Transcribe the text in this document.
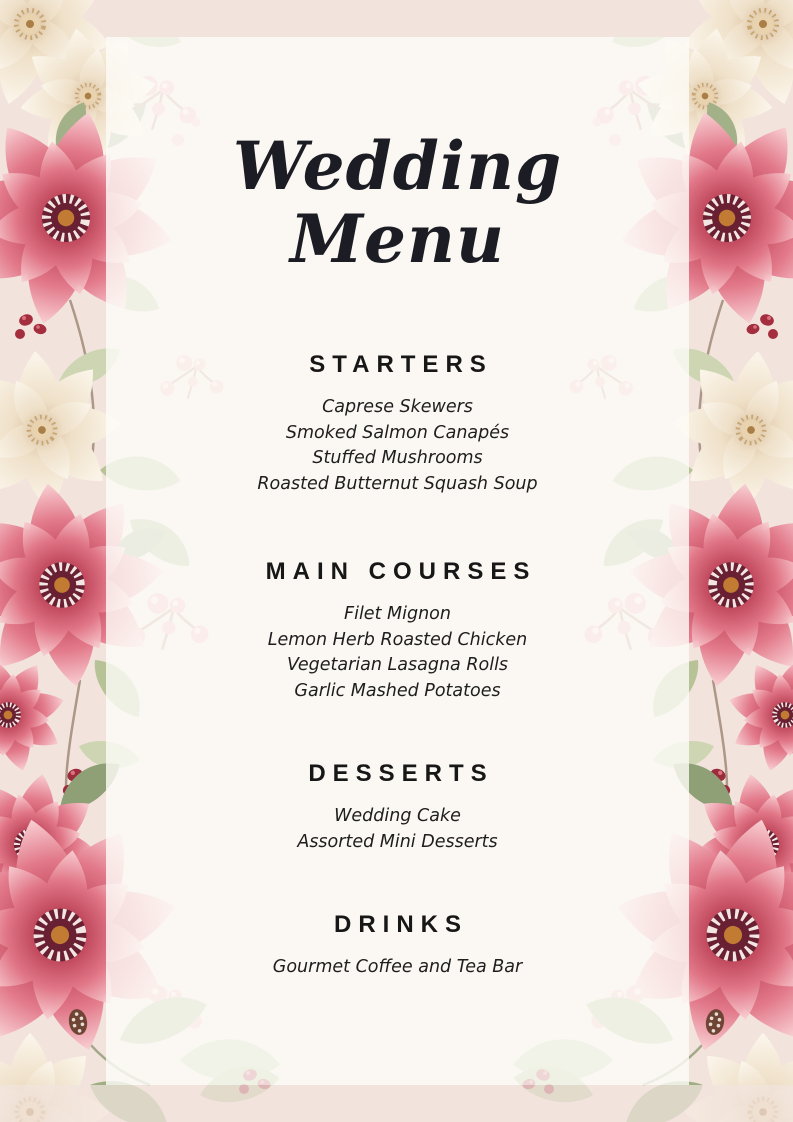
Wedding
Menu
STARTERS
Caprese Skewers
Smoked Salmon Canapés
Stuffed Mushrooms
Roasted Butternut Squash Soup
MAIN COURSES
Filet Mignon
Lemon Herb Roasted Chicken
Vegetarian Lasagna Rolls
Garlic Mashed Potatoes
DESSERTS
Wedding Cake
Assorted Mini Desserts
DRINKS
Gourmet Coffee and Tea Bar
